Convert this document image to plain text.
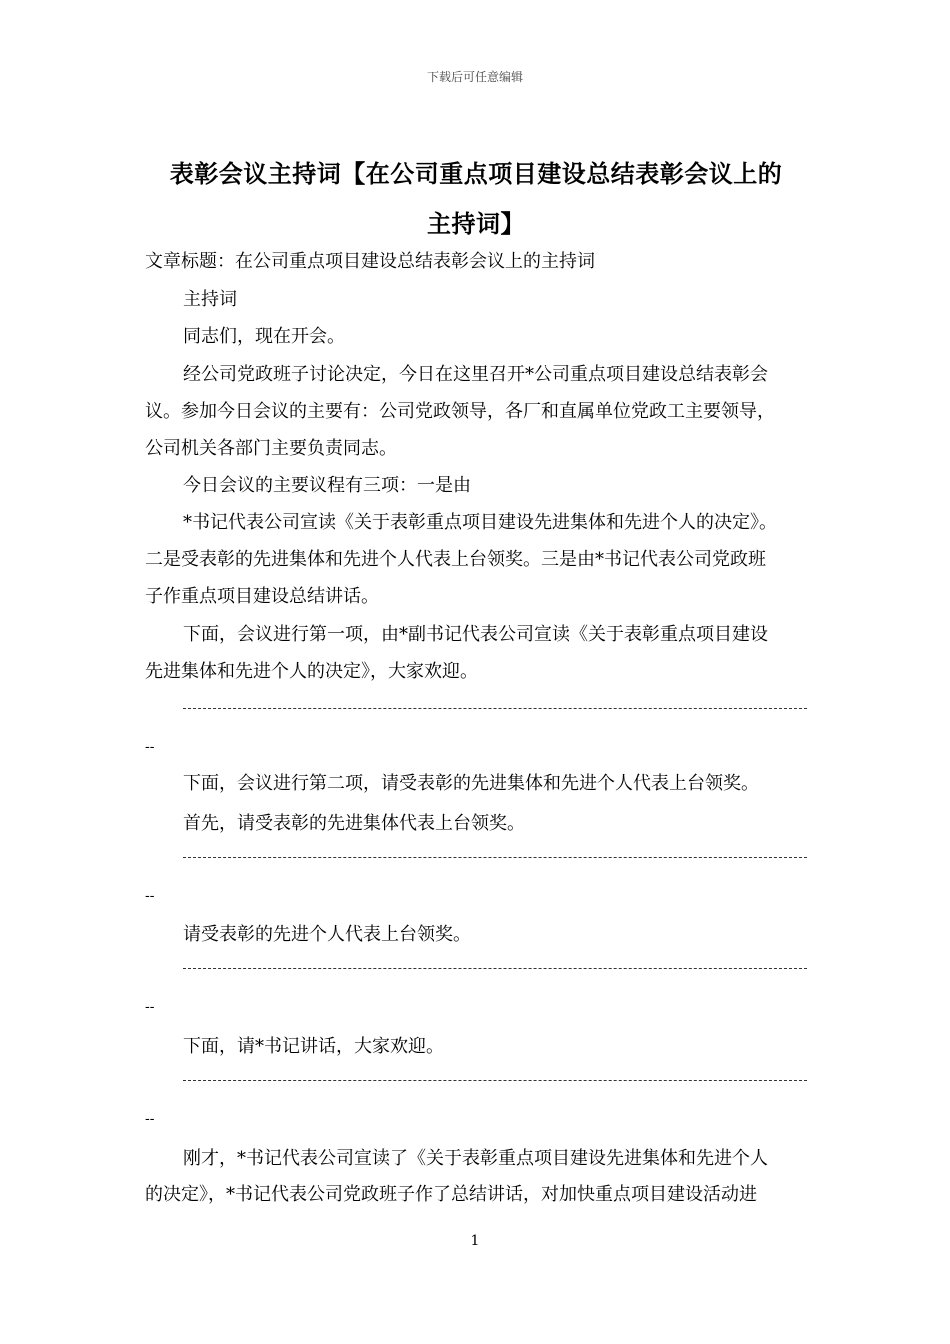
下载后可任意编辑
表彰会议主持词【在公司重点项目建设总结表彰会议上的
主持词】
文章标题：在公司重点项目建设总结表彰会议上的主持词
主持词
同志们，现在开会。
经公司党政班子讨论决定，今日在这里召开*公司重点项目建设总结表彰会
议。参加今日会议的主要有：公司党政领导，各厂和直属单位党政工主要领导，
公司机关各部门主要负责同志。
今日会议的主要议程有三项：一是由
*书记代表公司宣读《关于表彰重点项目建设先进集体和先进个人的决定》。
二是受表彰的先进集体和先进个人代表上台领奖。三是由*书记代表公司党政班
子作重点项目建设总结讲话。
下面，会议进行第一项，由*副书记代表公司宣读《关于表彰重点项目建设
先进集体和先进个人的决定》，大家欢迎。
--
下面，会议进行第二项，请受表彰的先进集体和先进个人代表上台领奖。
首先，请受表彰的先进集体代表上台领奖。
--
请受表彰的先进个人代表上台领奖。
--
下面，请*书记讲话，大家欢迎。
--
刚才，*书记代表公司宣读了《关于表彰重点项目建设先进集体和先进个人
的决定》，*书记代表公司党政班子作了总结讲话，对加快重点项目建设活动进
1
